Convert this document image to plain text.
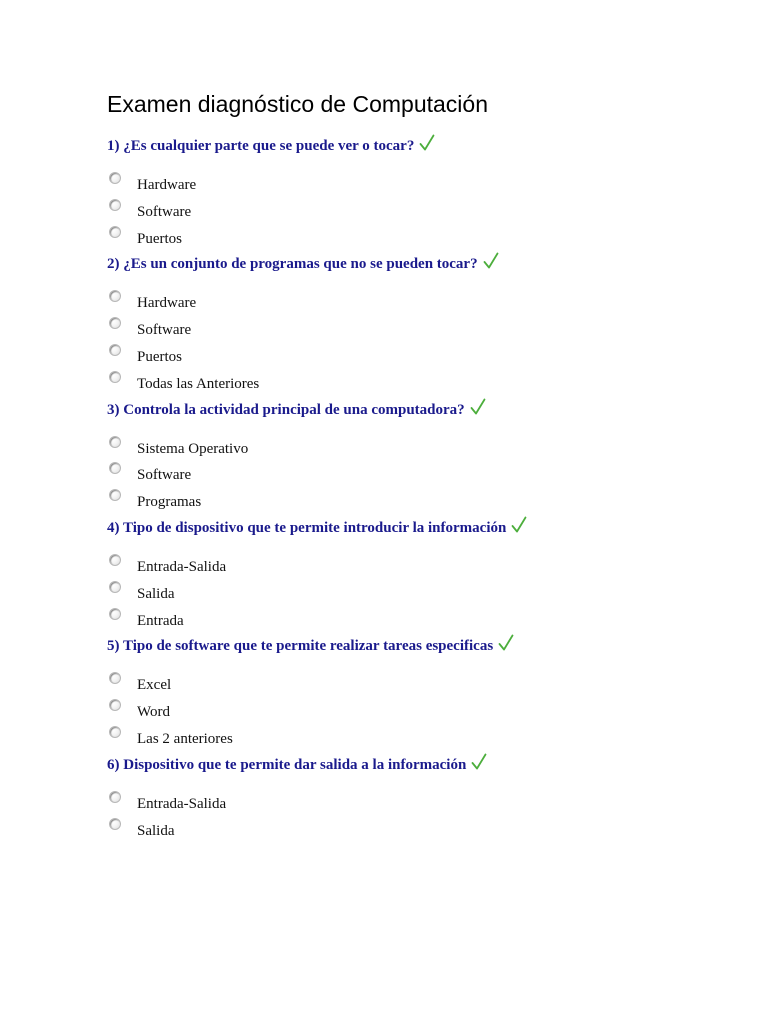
Examen diagnóstico de Computación
1) ¿Es cualquier parte que se puede ver o tocar?
Hardware
Software
Puertos
2) ¿Es un conjunto de programas que no se pueden tocar?
Hardware
Software
Puertos
Todas las Anteriores
3) Controla la actividad principal de una computadora?
Sistema Operativo
Software
Programas
4) Tipo de dispositivo que te permite introducir la información
Entrada-Salida
Salida
Entrada
5) Tipo de software que te permite realizar tareas especificas
Excel
Word
Las 2 anteriores
6) Dispositivo que te permite dar salida a la información
Entrada-Salida
Salida
